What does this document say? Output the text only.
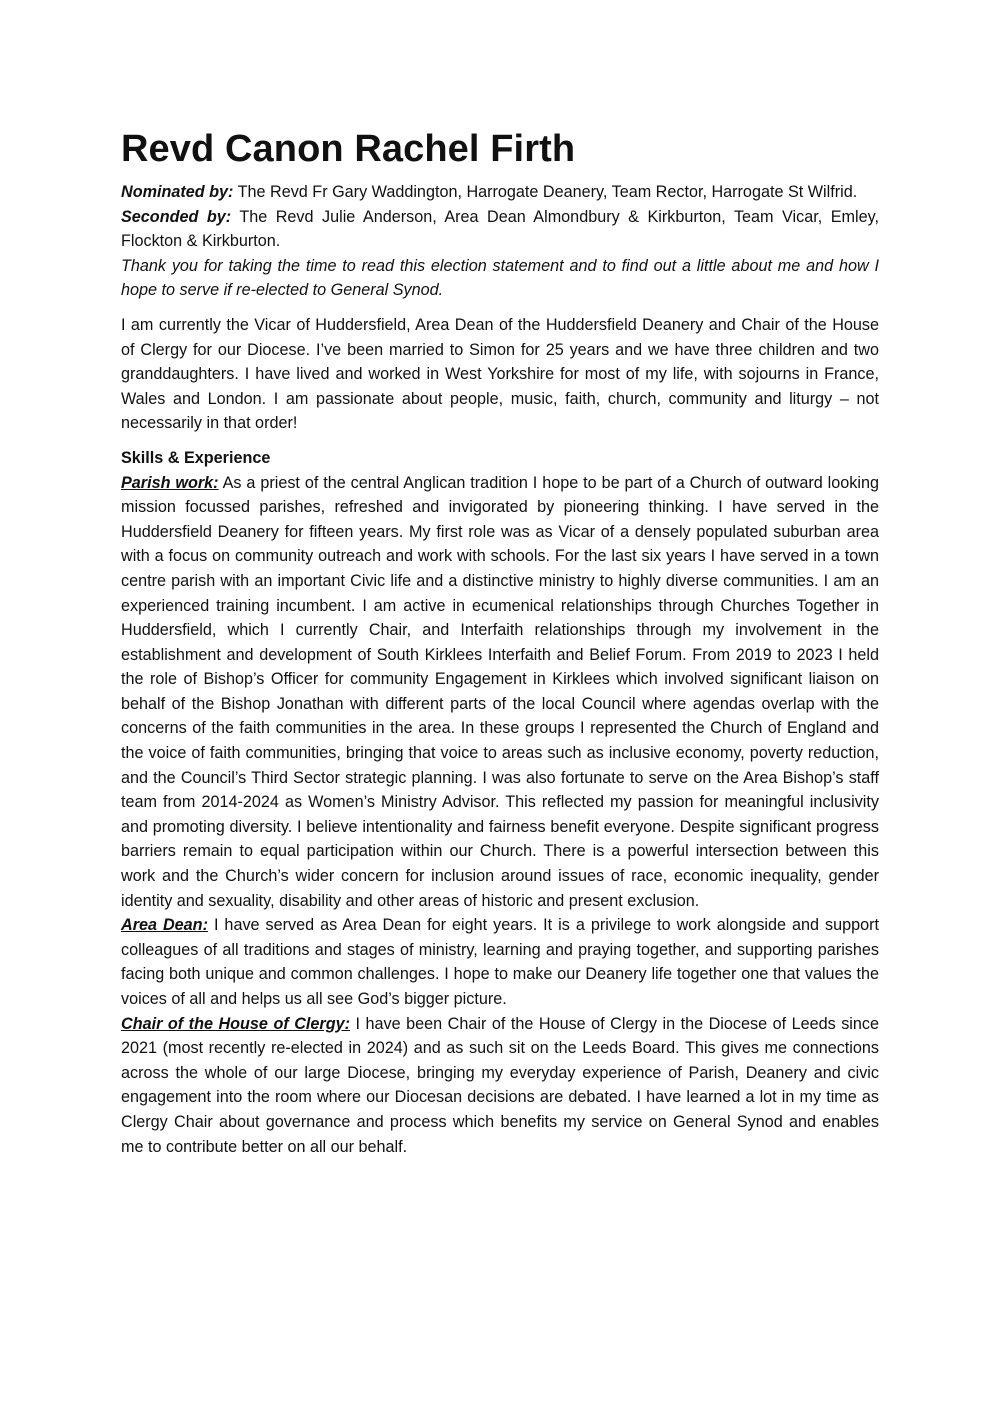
Revd Canon Rachel Firth

Nominated by: The Revd Fr Gary Waddington, Harrogate Deanery, Team Rector, Harrogate St Wilfrid.

Seconded by: The Revd Julie Anderson, Area Dean Almondbury & Kirkburton, Team Vicar, Emley, Flockton & Kirkburton.

Thank you for taking the time to read this election statement and to find out a little about me and how I hope to serve if re-elected to General Synod.

I am currently the Vicar of Huddersfield, Area Dean of the Huddersfield Deanery and Chair of the House of Clergy for our Diocese. I’ve been married to Simon for 25 years and we have three children and two granddaughters. I have lived and worked in West Yorkshire for most of my life, with sojourns in France, Wales and London. I am passionate about people, music, faith, church, community and liturgy – not necessarily in that order!

Skills & Experience

Parish work: As a priest of the central Anglican tradition I hope to be part of a Church of outward looking mission focussed parishes, refreshed and invigorated by pioneering thinking. I have served in the Huddersfield Deanery for fifteen years. My first role was as Vicar of a densely populated suburban area with a focus on community outreach and work with schools. For the last six years I have served in a town centre parish with an important Civic life and a distinctive ministry to highly diverse communities. I am an experienced training incumbent. I am active in ecumenical relationships through Churches Together in Huddersfield, which I currently Chair, and Interfaith relationships through my involvement in the establishment and development of South Kirklees Interfaith and Belief Forum. From 2019 to 2023 I held the role of Bishop’s Officer for community Engagement in Kirklees which involved significant liaison on behalf of the Bishop Jonathan with different parts of the local Council where agendas overlap with the concerns of the faith communities in the area. In these groups I represented the Church of England and the voice of faith communities, bringing that voice to areas such as inclusive economy, poverty reduction, and the Council’s Third Sector strategic planning. I was also fortunate to serve on the Area Bishop’s staff team from 2014-2024 as Women’s Ministry Advisor. This reflected my passion for meaningful inclusivity and promoting diversity. I believe intentionality and fairness benefit everyone. Despite significant progress barriers remain to equal participation within our Church. There is a powerful intersection between this work and the Church’s wider concern for inclusion around issues of race, economic inequality, gender identity and sexuality, disability and other areas of historic and present exclusion.

Area Dean: I have served as Area Dean for eight years. It is a privilege to work alongside and support colleagues of all traditions and stages of ministry, learning and praying together, and supporting parishes facing both unique and common challenges. I hope to make our Deanery life together one that values the voices of all and helps us all see God’s bigger picture.

Chair of the House of Clergy: I have been Chair of the House of Clergy in the Diocese of Leeds since 2021 (most recently re-elected in 2024) and as such sit on the Leeds Board. This gives me connections across the whole of our large Diocese, bringing my everyday experience of Parish, Deanery and civic engagement into the room where our Diocesan decisions are debated. I have learned a lot in my time as Clergy Chair about governance and process which benefits my service on General Synod and enables me to contribute better on all our behalf.
